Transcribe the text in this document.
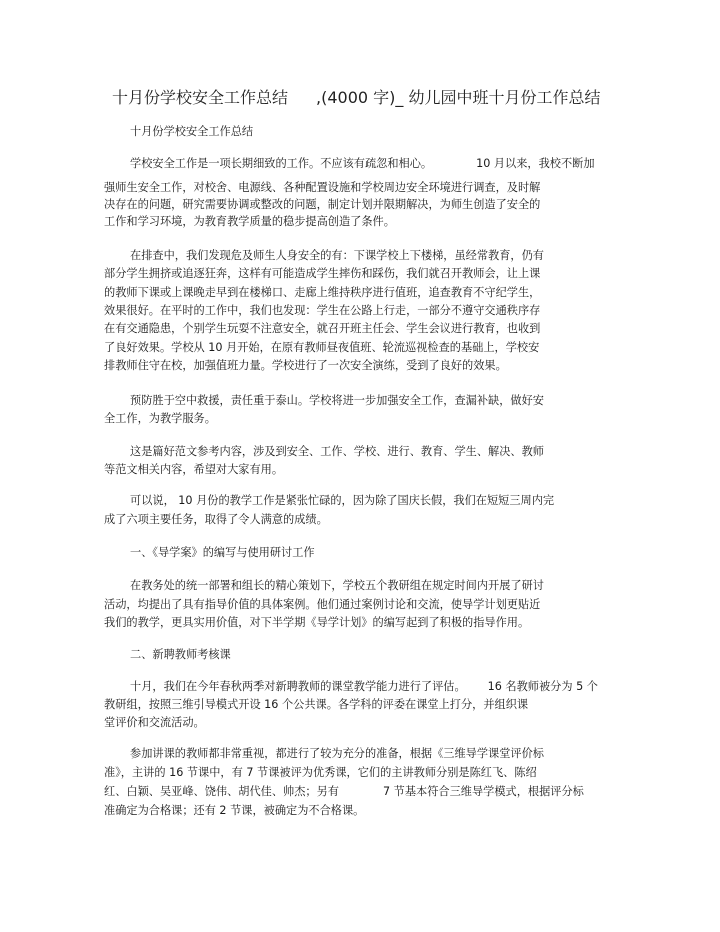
十月份学校安全工作总结 ,(4000 字)_ 幼儿园中班十月份工作总结
十月份学校安全工作总结
学校安全工作是一项长期细致的工作。不应该有疏忽和相心。	10 月以来，我校不断加
强师生安全工作，对校舍、电源线、各种配置设施和学校周边安全环境进行调查，及时解
决存在的问题，研究需要协调或整改的问题，制定计划并限期解决，为师生创造了安全的
工作和学习环境，为教育教学质量的稳步提高创造了条件。
在排查中，我们发现危及师生人身安全的有：下课学校上下楼梯，虽经常教育，仍有
部分学生拥挤或追逐狂奔，这样有可能造成学生摔伤和踩伤，我们就召开教师会，让上课
的教师下课或上课晚走早到在楼梯口、走廊上维持秩序进行值班，追查教育不守纪学生，
效果很好。在平时的工作中，我们也发现：学生在公路上行走，一部分不遵守交通秩序存
在有交通隐患，个别学生玩耍不注意安全，就召开班主任会、学生会议进行教育，也收到
了良好效果。学校从 10 月开始，在原有教师昼夜值班、轮流巡视检查的基础上，学校安
排教师住守在校，加强值班力量。学校进行了一次安全演练，受到了良好的效果。
预防胜于空中救援，责任重于泰山。学校将进一步加强安全工作，查漏补缺，做好安
全工作，为教学服务。
这是篇好范文参考内容，涉及到安全、工作、学校、进行、教育、学生、解决、教师
等范文相关内容，希望对大家有用。
可以说， 10 月份的教学工作是紧张忙碌的，因为除了国庆长假，我们在短短三周内完
成了六项主要任务，取得了令人满意的成绩。
一、《导学案》的编写与使用研讨工作
在教务处的统一部署和组长的精心策划下，学校五个教研组在规定时间内开展了研讨
活动，均提出了具有指导价值的具体案例。他们通过案例讨论和交流，使导学计划更贴近
我们的教学，更具实用价值，对下半学期《导学计划》的编写起到了积极的指导作用。
二、新聘教师考核课
十月，我们在今年春秋两季对新聘教师的课堂教学能力进行了评估。 16 名教师被分为 5 个
教研组，按照三维引导模式开设 16 个公共课。各学科的评委在课堂上打分，并组织课
堂评价和交流活动。
参加讲课的教师都非常重视，都进行了较为充分的准备，根据《三维导学课堂评价标
准》，主讲的 16 节课中，有 7 节课被评为优秀课，它们的主讲教师分别是陈红飞、陈绍
红、白颖、吴亚峰、饶伟、胡代佳、帅杰；另有	7 节基本符合三维导学模式，根据评分标
准确定为合格课；还有 2 节课，被确定为不合格课。
